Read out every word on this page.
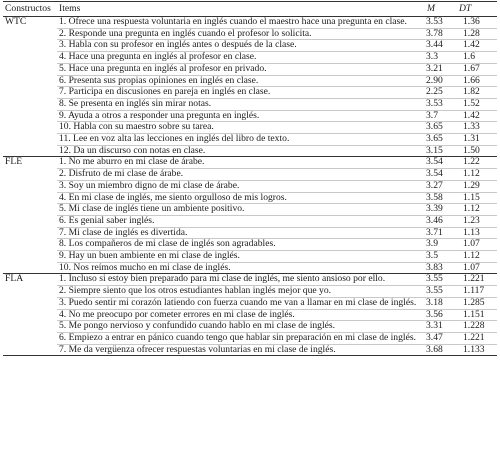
Constructos	Items	M	DT
WTC	1. Ofrece una respuesta voluntaria en inglés cuando el maestro hace una pregunta en clase.	3.53	1.36
	2. Responde una pregunta en inglés cuando el profesor lo solicita.	3.78	1.28
	3. Habla con su profesor en inglés antes o después de la clase.	3.44	1.42
	4. Hace una pregunta en inglés al profesor en clase.	3.3	1.6
	5. Hace una pregunta en inglés al profesor en privado.	3.21	1.67
	6. Presenta sus propias opiniones en inglés en clase.	2.90	1.66
	7. Participa en discusiones en pareja en inglés en clase.	2.25	1.82
	8. Se presenta en inglés sin mirar notas.	3.53	1.52
	9. Ayuda a otros a responder una pregunta en inglés.	3.7	1.42
	10. Habla con su maestro sobre su tarea.	3.65	1.33
	11. Lee en voz alta las lecciones en inglés del libro de texto.	3.65	1.31
	12. Da un discurso con notas en clase.	3.15	1.50
FLE	1. No me aburro en mi clase de árabe.	3.54	1.22
	2. Disfruto de mi clase de árabe.	3.54	1.12
	3. Soy un miembro digno de mi clase de árabe.	3.27	1.29
	4. En mi clase de inglés, me siento orgulloso de mis logros.	3.58	1.15
	5. Mi clase de inglés tiene un ambiente positivo.	3.39	1.12
	6. Es genial saber inglés.	3.46	1.23
	7. Mi clase de inglés es divertida.	3.71	1.13
	8. Los compañeros de mi clase de inglés son agradables.	3.9	1.07
	9. Hay un buen ambiente en mi clase de inglés.	3.5	1.12
	10. Nos reímos mucho en mi clase de inglés.	3.83	1.07
FLA	1. Incluso si estoy bien preparado para mi clase de inglés, me siento ansioso por ello.	3.55	1.221
	2. Siempre siento que los otros estudiantes hablan inglés mejor que yo.	3.55	1.117
	3. Puedo sentir mi corazón latiendo con fuerza cuando me van a llamar en mi clase de inglés.	3.18	1.285
	4. No me preocupo por cometer errores en mi clase de inglés.	3.56	1.151
	5. Me pongo nervioso y confundido cuando hablo en mi clase de inglés.	3.31	1.228
	6. Empiezo a entrar en pánico cuando tengo que hablar sin preparación en mi clase de inglés.	3.47	1.221
	7. Me da vergüenza ofrecer respuestas voluntarias en mi clase de inglés.	3.68	1.133
